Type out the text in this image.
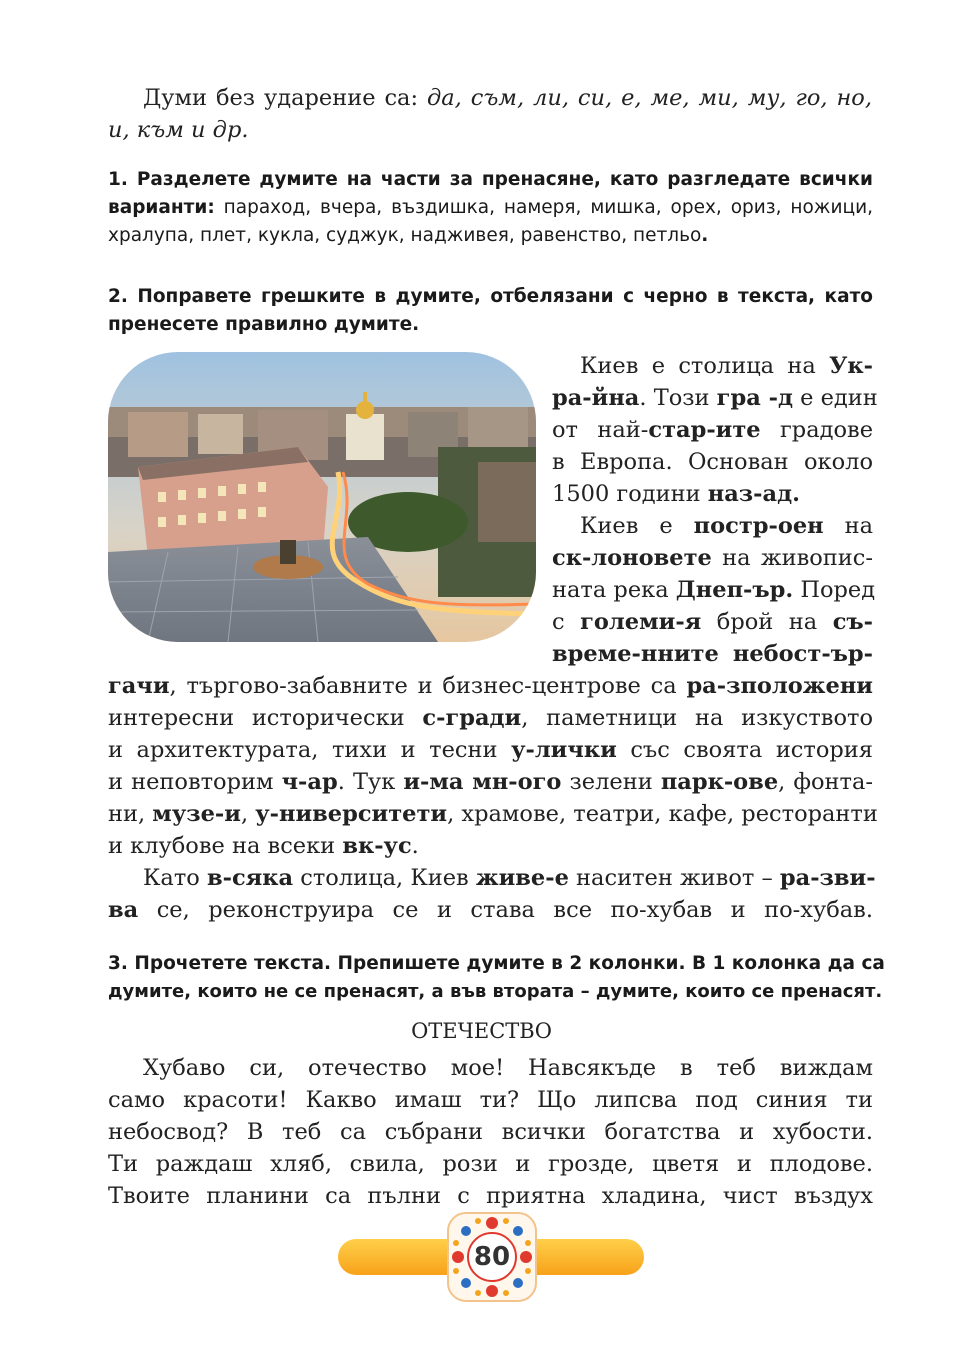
Думи без ударение са: да, съм, ли, си, е, ме, ми, му, го, но,
и, към и др.
1. Разделете думите на части за пренасяне, като разгледате всички
варианти: параход, вчера, въздишка, намеря, мишка, орех, ориз, ножици,
хралупа, плет, кукла, суджук, надживея, равенство, петльо.
2. Поправете грешките в думите, отбелязани с черно в текста, като
пренесете правилно думите.
Киев е столица на Ук-
ра-йна. Този гра -д е един
от най-стар-ите градове
в Европа. Основан около
1500 години наз-ад.
Киев е постр-оен на
ск-лоновете на живопис-
ната река Днеп-ър. Поред
с големи-я брой на съ-
време-нните небост-ър-
гачи, търгово-забавните и бизнес-центрове са ра-зположени
интересни исторически с-гради, паметници на изкуството
и архитектурата, тихи и тесни у-лички със своята история
и неповторим ч-ар. Тук и-ма мн-ого зелени парк-ове, фонта-
ни, музе-и, у-ниверситети, храмове, театри, кафе, ресторанти
и клубове на всеки вк-ус.
Като в-сяка столица, Киев живе-е наситен живот – ра-зви-
ва се, реконструира се и става все по-хубав и по-хубав.
3. Прочетете текста. Препишете думите в 2 колонки. В 1 колонка да са
думите, които не се пренасят, а във втората – думите, които се пренасят.
ОТЕЧЕСТВО
Хубаво си, отечество мое! Навсякъде в теб виждам
само красоти! Какво имаш ти? Що липсва под синия ти
небосвод? В теб са събрани всички богатства и хубости.
Ти раждаш хляб, свила, рози и грозде, цветя и плодове.
Твоите планини са пълни с приятна хладина, чист въздух
80
